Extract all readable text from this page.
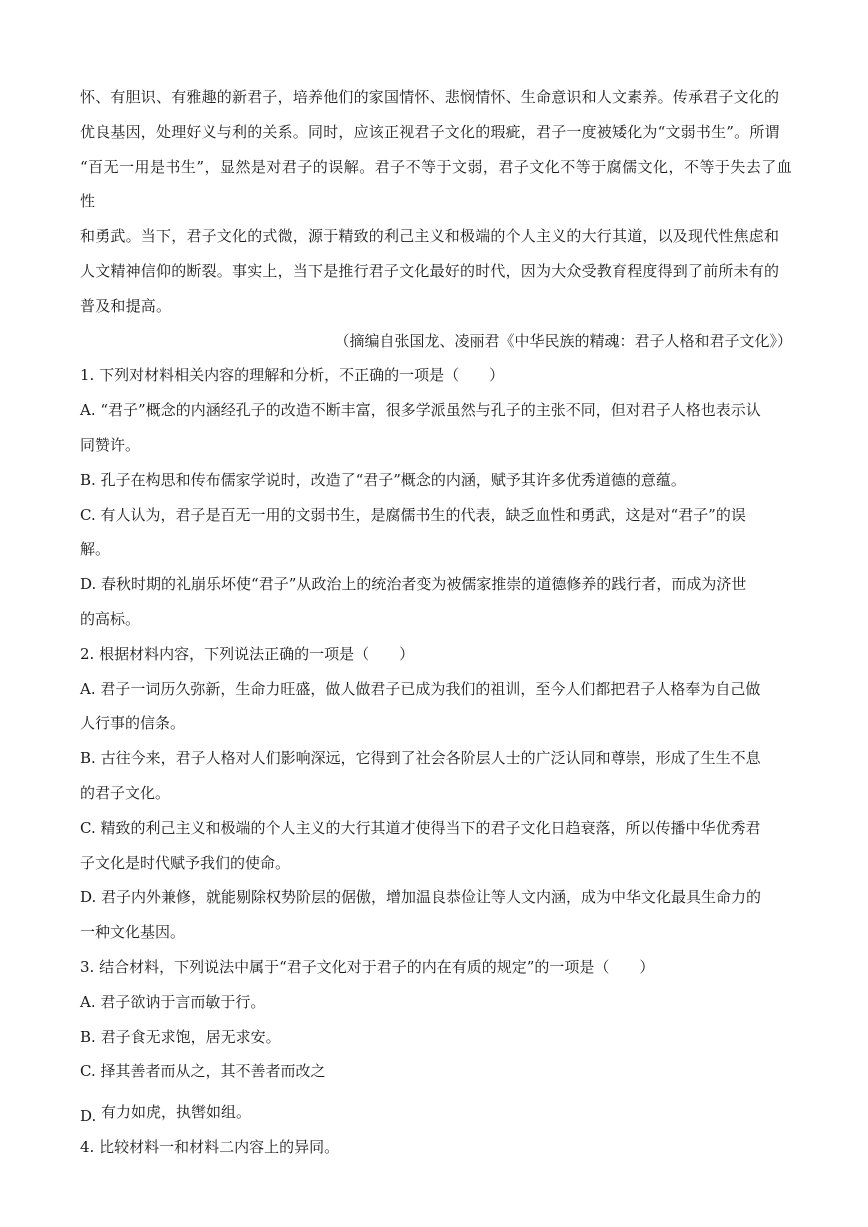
怀、有胆识、有雅趣的新君子，培养他们的家国情怀、悲悯情怀、生命意识和人文素养。传承君子文化的

优良基因，处理好义与利的关系。同时，应该正视君子文化的瑕疵，君子一度被矮化为“文弱书生”。所谓

“百无一用是书生”，显然是对君子的误解。君子不等于文弱，君子文化不等于腐儒文化，不等于失去了血性

和勇武。当下，君子文化的式微，源于精致的利己主义和极端的个人主义的大行其道，以及现代性焦虑和

人文精神信仰的断裂。事实上，当下是推行君子文化最好的时代，因为大众受教育程度得到了前所未有的

普及和提高。

（摘编自张国龙、凌丽君《中华民族的精魂：君子人格和君子文化》）

1. 下列对材料相关内容的理解和分析，不正确的一项是（　　）

A. “君子”概念的内涵经孔子的改造不断丰富，很多学派虽然与孔子的主张不同，但对君子人格也表示认

同赞许。

B. 孔子在构思和传布儒家学说时，改造了“君子”概念的内涵，赋予其许多优秀道德的意蕴。

C. 有人认为，君子是百无一用的文弱书生，是腐儒书生的代表，缺乏血性和勇武，这是对“君子”的误

解。

D. 春秋时期的礼崩乐坏使“君子”从政治上的统治者变为被儒家推崇的道德修养的践行者，而成为济世

的高标。

2. 根据材料内容，下列说法正确的一项是（　　）

A. 君子一词历久弥新，生命力旺盛，做人做君子已成为我们的祖训，至今人们都把君子人格奉为自己做

人行事的信条。

B. 古往今来，君子人格对人们影响深远，它得到了社会各阶层人士的广泛认同和尊崇，形成了生生不息

的君子文化。

C. 精致的利己主义和极端的个人主义的大行其道才使得当下的君子文化日趋衰落，所以传播中华优秀君

子文化是时代赋予我们的使命。

D. 君子内外兼修，就能剔除权势阶层的倨傲，增加温良恭俭让等人文内涵，成为中华文化最具生命力的

一种文化基因。

3. 结合材料，下列说法中属于“君子文化对于君子的内在有质的规定”的一项是（　　）

A. 君子欲讷于言而敏于行。

B. 君子食无求饱，居无求安。

C. 择其善者而从之，其不善者而改之

D. 有力如虎，执辔如组。

4. 比较材料一和材料二内容上的异同。
